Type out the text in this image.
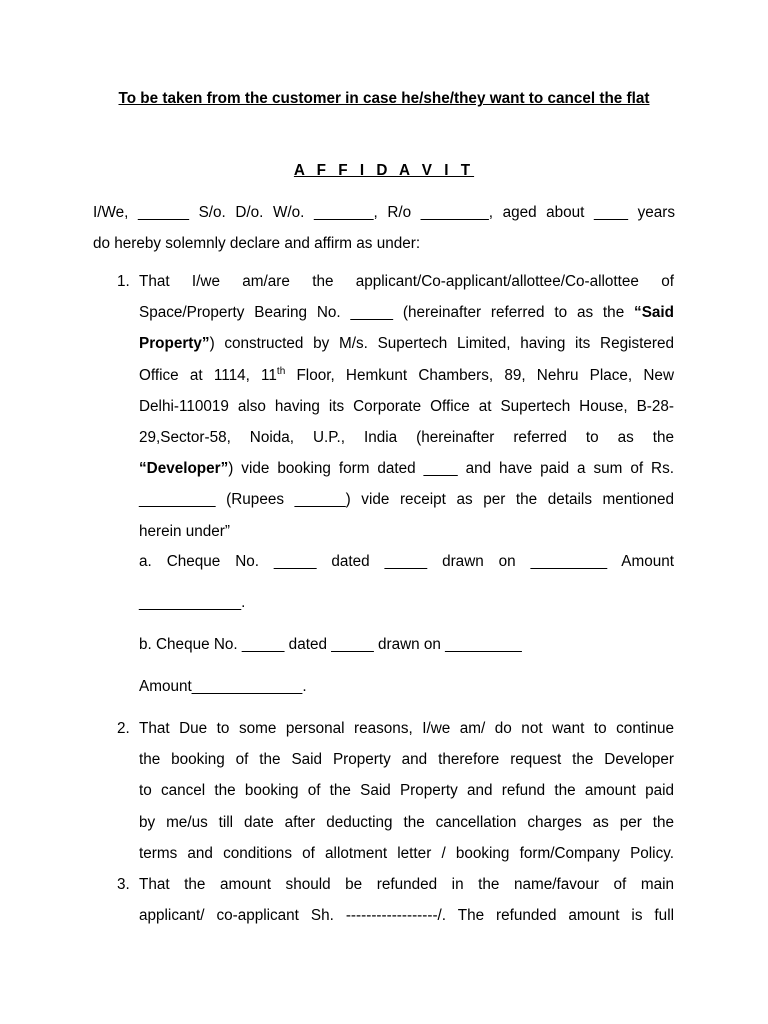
To be taken from the customer in case he/she/they want to cancel the flat
A F F I D A V I T
I/We, ______ S/o. D/o. W/o. _______, R/o ________, aged about ____ years
do hereby solemnly declare and affirm as under:
1. That I/we am/are the applicant/Co-applicant/allottee/Co-allottee of
Space/Property Bearing No. _____ (hereinafter referred to as the “Said
Property”) constructed by M/s. Supertech Limited, having its Registered
Office at 1114, 11th Floor, Hemkunt Chambers, 89, Nehru Place, New
Delhi-110019 also having its Corporate Office at Supertech House, B-28-
29,Sector-58, Noida, U.P., India (hereinafter referred to as the
“Developer”) vide booking form dated ____ and have paid a sum of Rs.
_________ (Rupees ______) vide receipt as per the details mentioned
herein under”
a. Cheque No. _____ dated _____ drawn on _________ Amount
____________.
b. Cheque No. _____ dated _____ drawn on _________
Amount_____________.
2. That Due to some personal reasons, I/we am/ do not want to continue
the booking of the Said Property and therefore request the Developer
to cancel the booking of the Said Property and refund the amount paid
by me/us till date after deducting the cancellation charges as per the
terms and conditions of allotment letter / booking form/Company Policy.
3. That the amount should be refunded in the name/favour of main
applicant/ co-applicant Sh. ------------------/. The refunded amount is full
